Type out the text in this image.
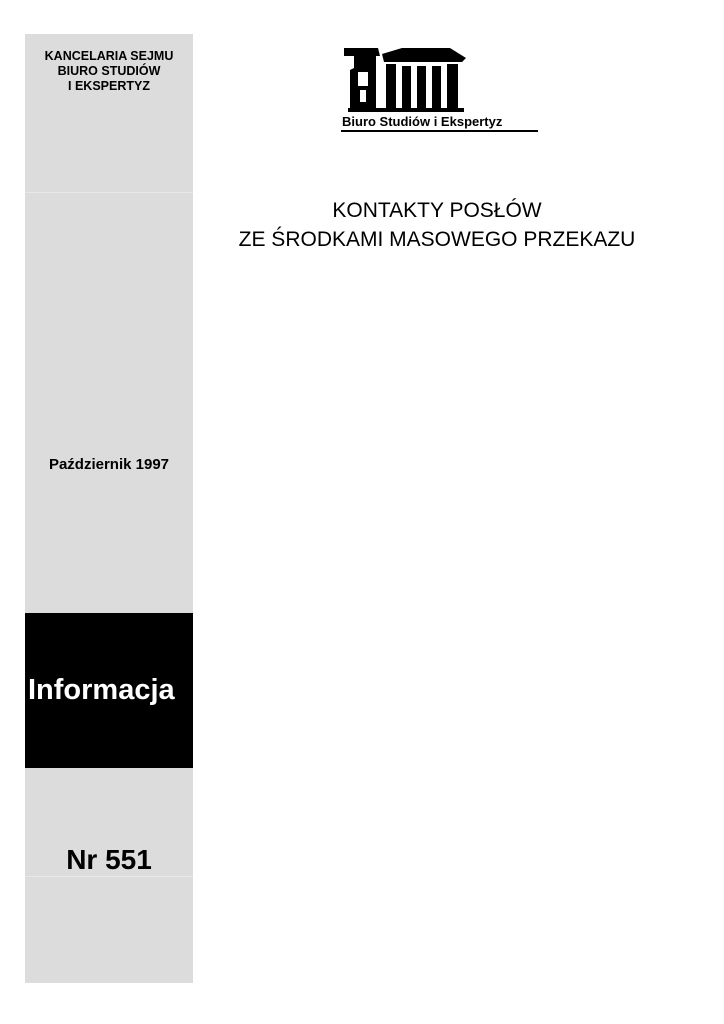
KANCELARIA SEJMU
BIURO STUDIÓW
I EKSPERTYZ
Październik 1997
Informacja
Nr 551
Biuro Studiów i Ekspertyz
KONTAKTY POSŁÓW
ZE ŚRODKAMI MASOWEGO PRZEKAZU
